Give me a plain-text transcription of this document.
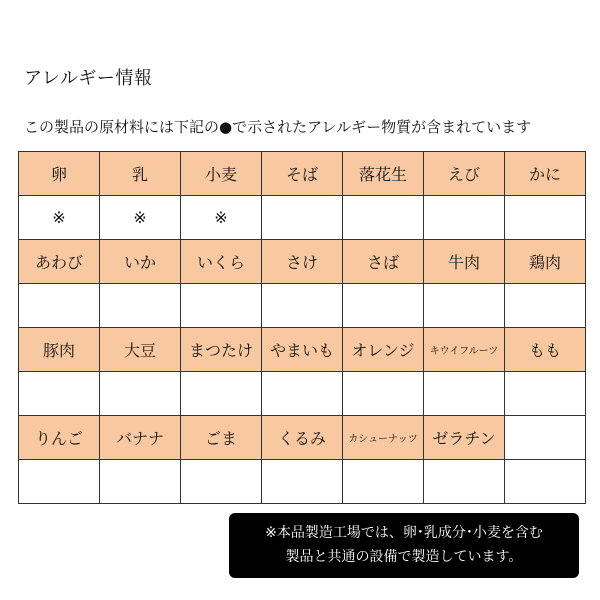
アレルギー情報
この製品の原材料には下記の●で示されたアレルギー物質が含まれています
卵	乳	小麦	そば	落花生	えび	かに
※	※	※				
あわび	いか	いくら	さけ	さば	牛肉	鶏肉

豚肉	大豆	まつたけ	やまいも	オレンジ	キウイフルーツ	もも

りんご	バナナ	ごま	くるみ	カシューナッツ	ゼラチン	

※本品製造工場では、卵･乳成分･小麦を含む
製品と共通の設備で製造しています。
